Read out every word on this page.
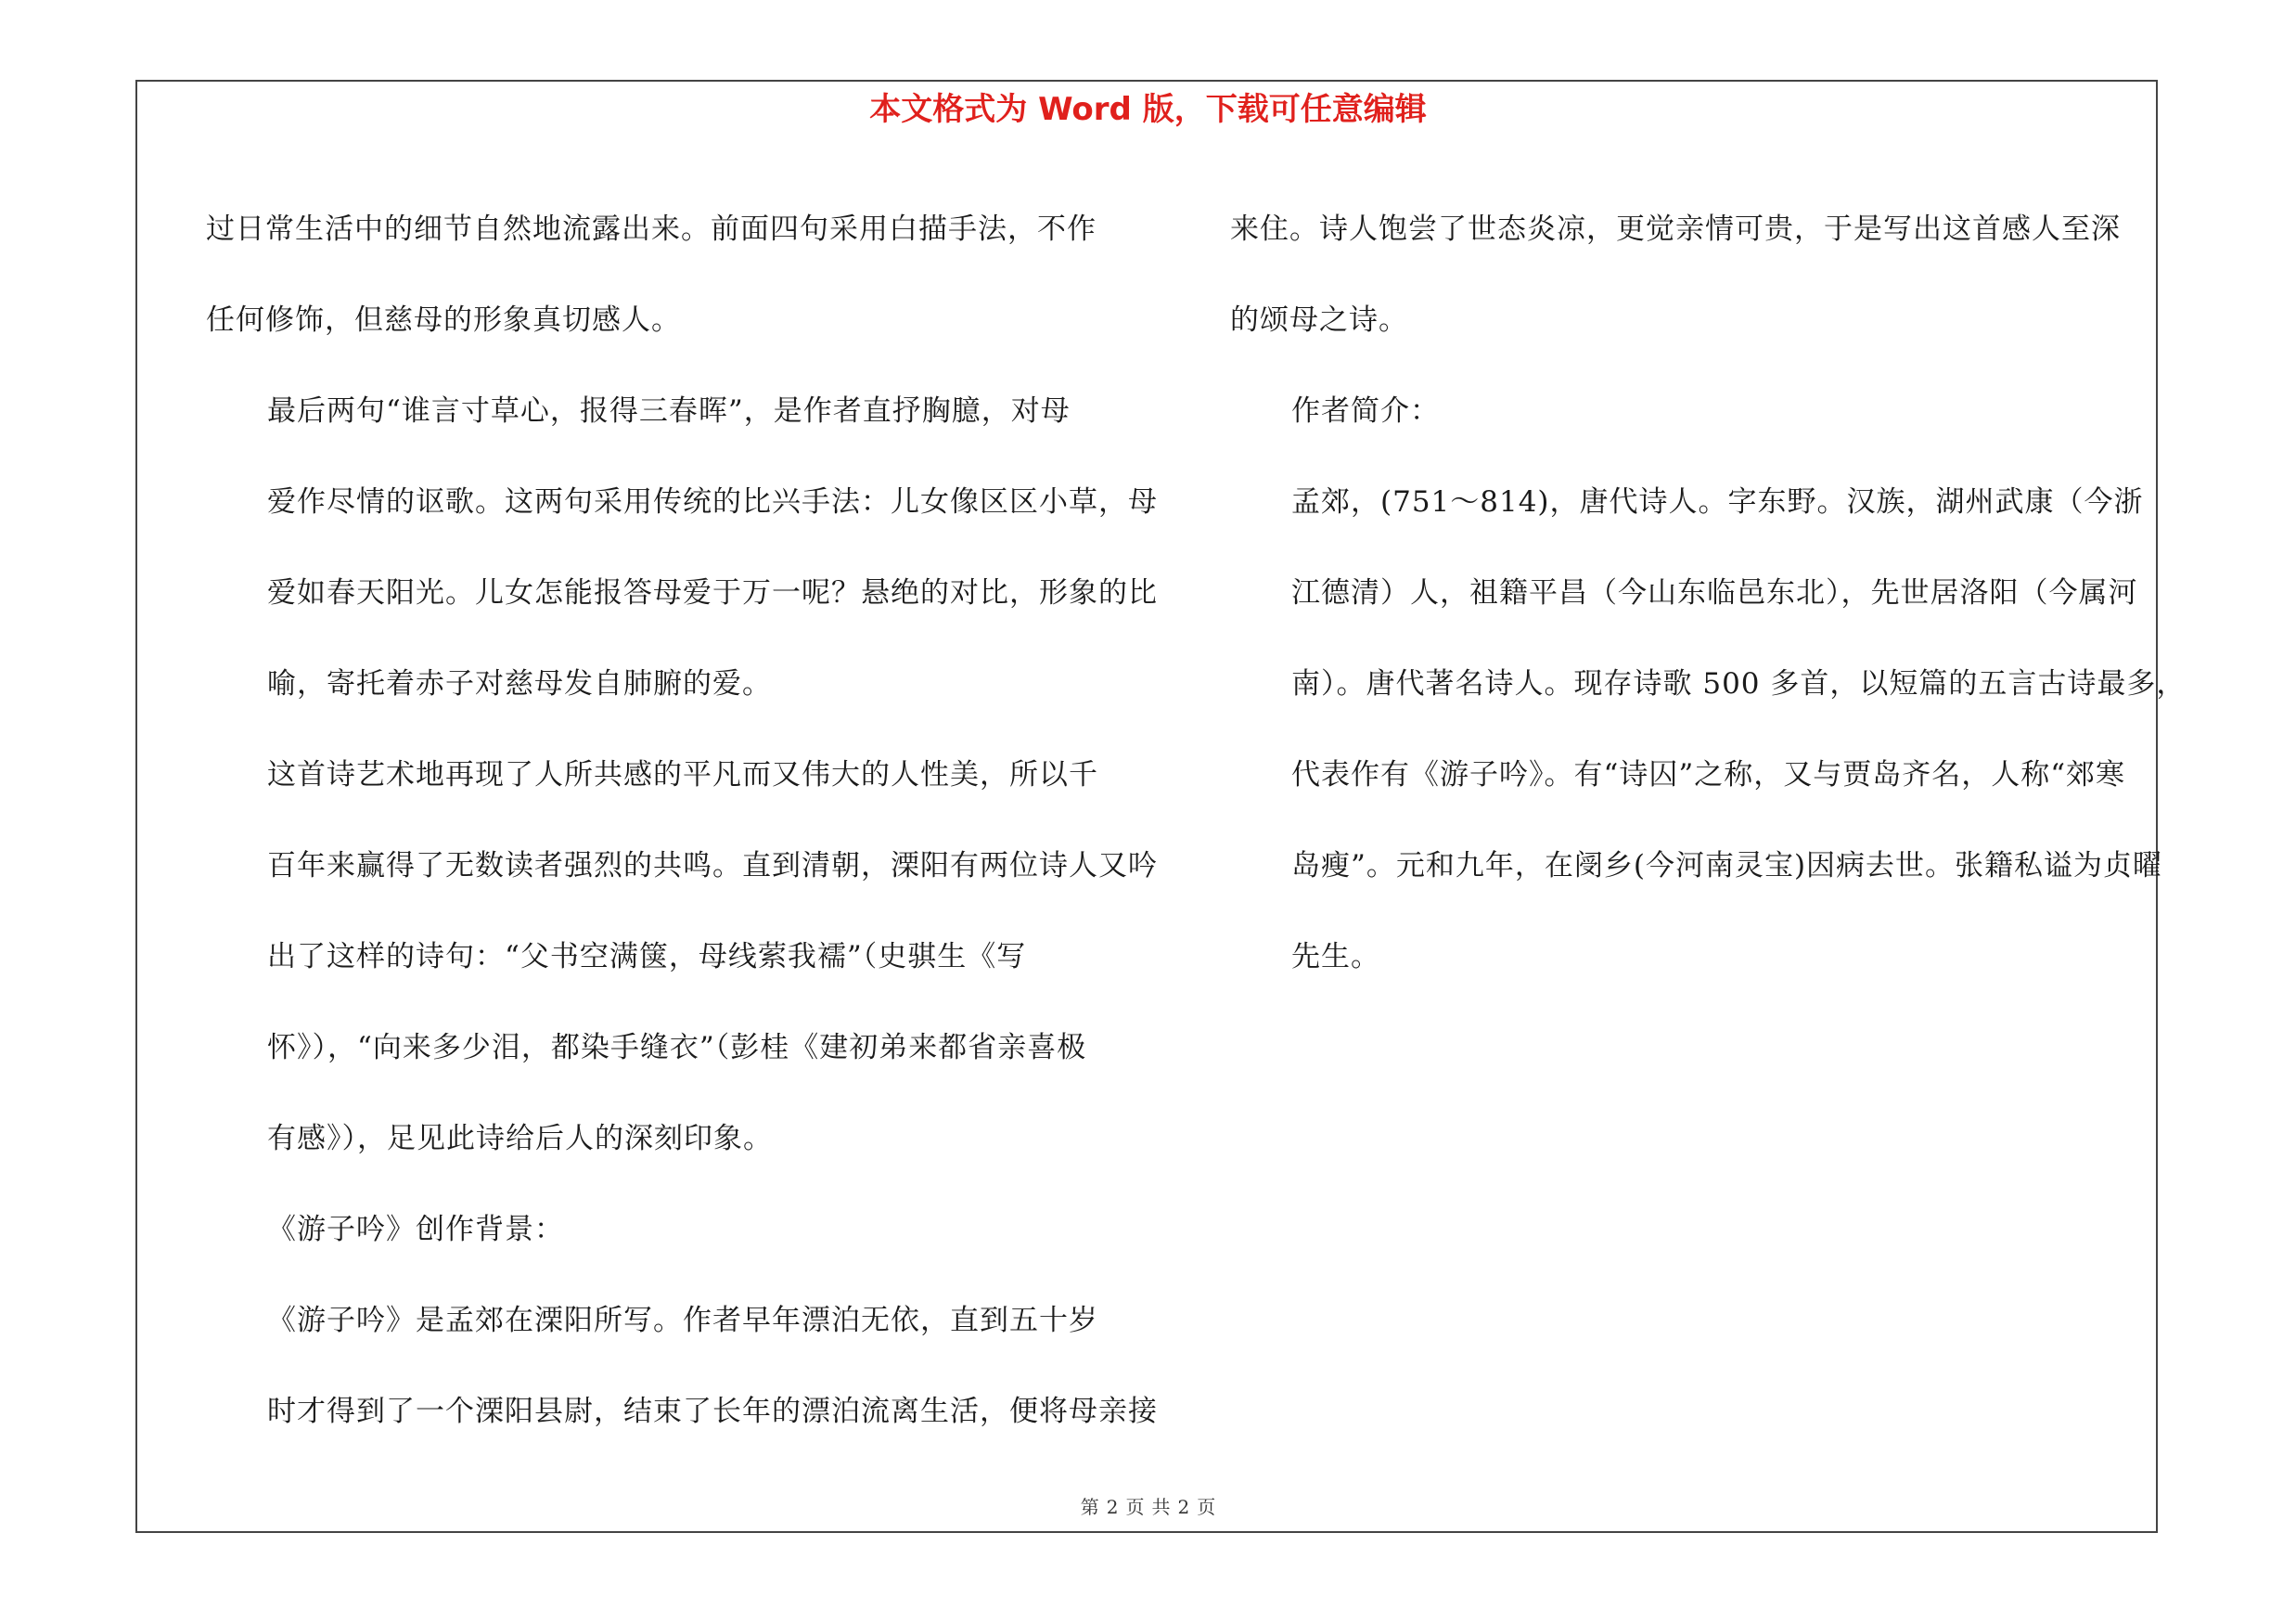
本文格式为 Word 版，下载可任意编辑

过日常生活中的细节自然地流露出来。前面四句采用白描手法，不作
任何修饰，但慈母的形象真切感人。

最后两句“谁言寸草心，报得三春晖”，是作者直抒胸臆，对母
爱作尽情的讴歌。这两句采用传统的比兴手法：儿女像区区小草，母
爱如春天阳光。儿女怎能报答母爱于万一呢？悬绝的对比，形象的比
喻，寄托着赤子对慈母发自肺腑的爱。

这首诗艺术地再现了人所共感的平凡而又伟大的人性美，所以千
百年来赢得了无数读者强烈的共鸣。直到清朝，溧阳有两位诗人又吟
出了这样的诗句：“父书空满箧，母线萦我襦”（史骐生《写
怀》），“向来多少泪，都染手缝衣”（彭桂《建初弟来都省亲喜极
有感》），足见此诗给后人的深刻印象。

《游子吟》创作背景：

《游子吟》是孟郊在溧阳所写。作者早年漂泊无依，直到五十岁
时才得到了一个溧阳县尉，结束了长年的漂泊流离生活，便将母亲接

来住。诗人饱尝了世态炎凉，更觉亲情可贵，于是写出这首感人至深
的颂母之诗。

作者简介：

孟郊，(751～814)，唐代诗人。字东野。汉族，湖州武康（今浙
江德清）人，祖籍平昌（今山东临邑东北），先世居洛阳（今属河
南）。唐代著名诗人。现存诗歌 500 多首，以短篇的五言古诗最多，
代表作有《游子吟》。有“诗囚”之称，又与贾岛齐名，人称“郊寒
岛瘦”。元和九年，在阌乡(今河南灵宝)因病去世。张籍私谥为贞曜
先生。

第 2 页 共 2 页
